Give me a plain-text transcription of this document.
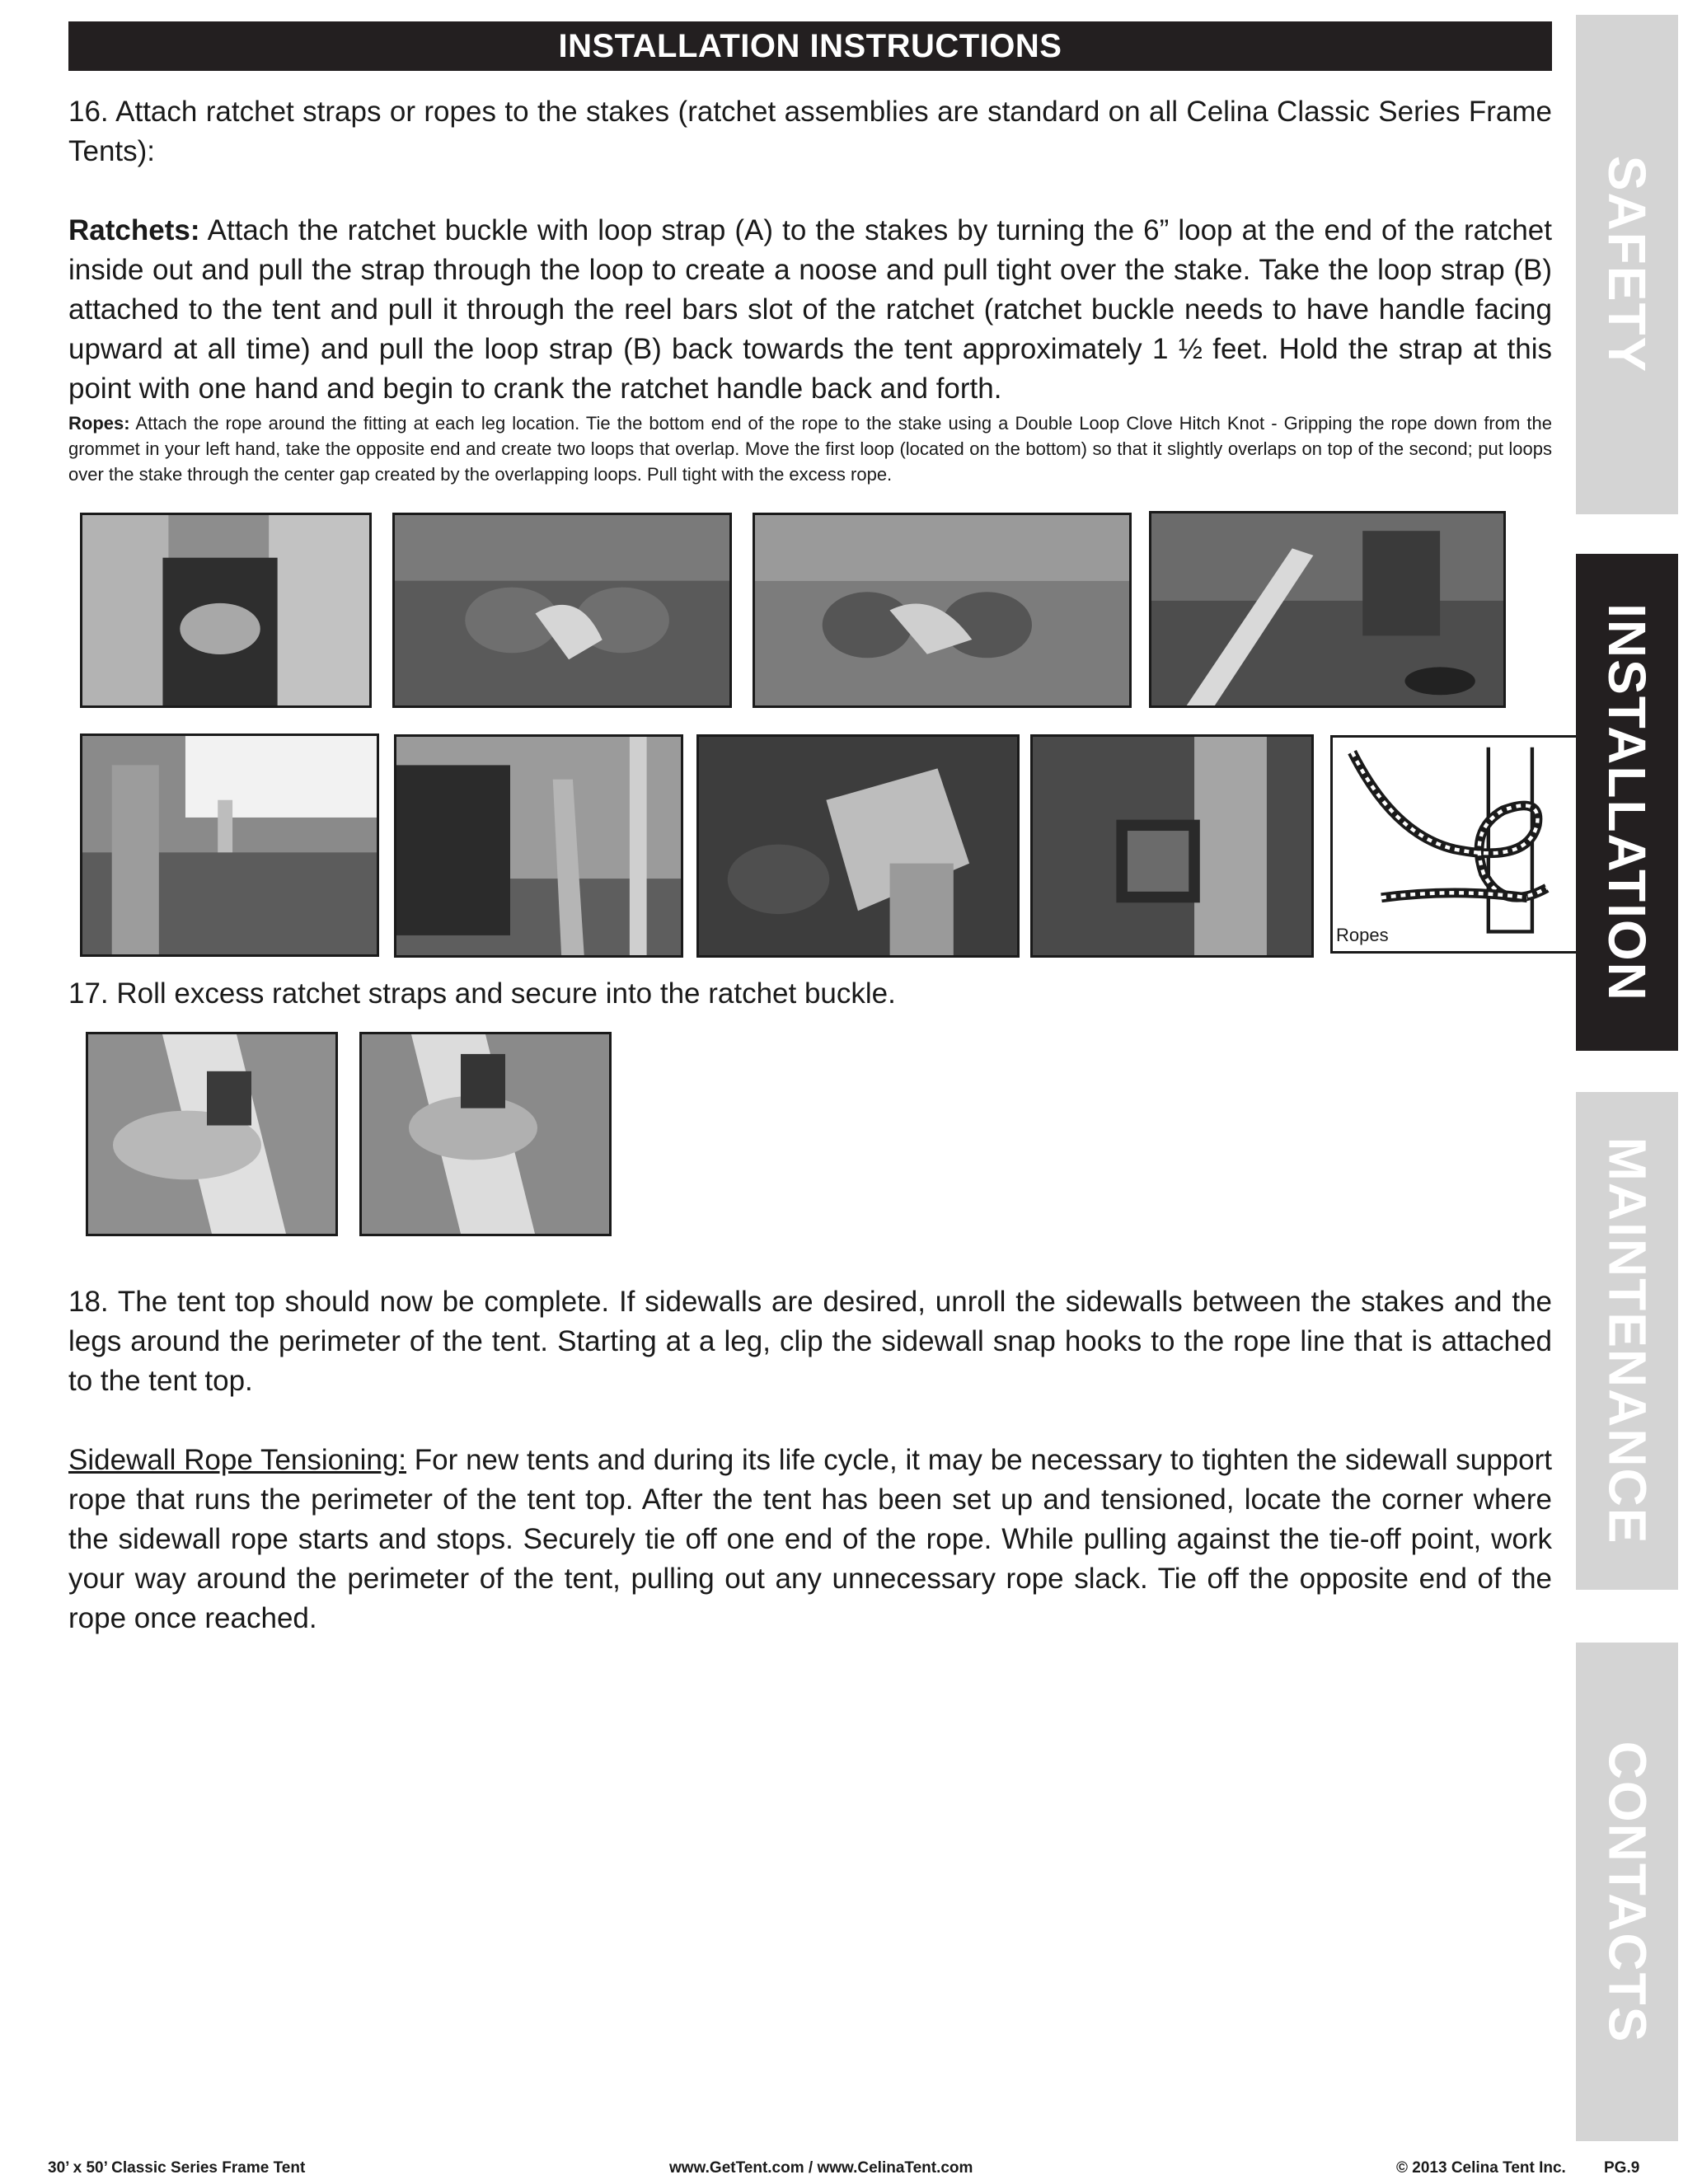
INSTALLATION INSTRUCTIONS

16. Attach ratchet straps or ropes to the stakes (ratchet assemblies are standard on all Celina Classic Series Frame Tents):

Ratchets: Attach the ratchet buckle with loop strap (A) to the stakes by turning the 6” loop at the end of the ratchet inside out and pull the strap through the loop to create a noose and pull tight over the stake. Take the loop strap (B) attached to the tent and pull it through the reel bars slot of the ratchet (ratchet buckle needs to have handle facing upward at all time) and pull the loop strap (B) back towards the tent approximately 1 ½ feet. Hold the strap at this point with one hand and begin to crank the ratchet handle back and forth.

Ropes: Attach the rope around the fitting at each leg location. Tie the bottom end of the rope to the stake using a Double Loop Clove Hitch Knot - Gripping the rope down from the grommet in your left hand, take the opposite end and create two loops that overlap. Move the first loop (located on the bottom) so that it slightly overlaps on top of the second; put loops over the stake through the center gap created by the overlapping loops. Pull tight with the excess rope.

Ropes

17. Roll excess ratchet straps and secure into the ratchet buckle.

18. The tent top should now be complete. If sidewalls are desired, unroll the sidewalls between the stakes and the legs around the perimeter of the tent. Starting at a leg, clip the sidewall snap hooks to the rope line that is attached to the tent top.

Sidewall Rope Tensioning: For new tents and during its life cycle, it may be necessary to tighten the sidewall support rope that runs the perimeter of the tent top. After the tent has been set up and tensioned, locate the corner where the sidewall rope starts and stops. Securely tie off one end of the rope. While pulling against the tie-off point, work your way around the perimeter of the tent, pulling out any unnecessary rope slack. Tie off the opposite end of the rope once reached.

SAFETY
INSTALLATION
MAINTENANCE
CONTACTS
30’ x 50’ Classic Series Frame Tent	www.GetTent.com / www.CelinaTent.com	© 2013 Celina Tent Inc. PG.9
